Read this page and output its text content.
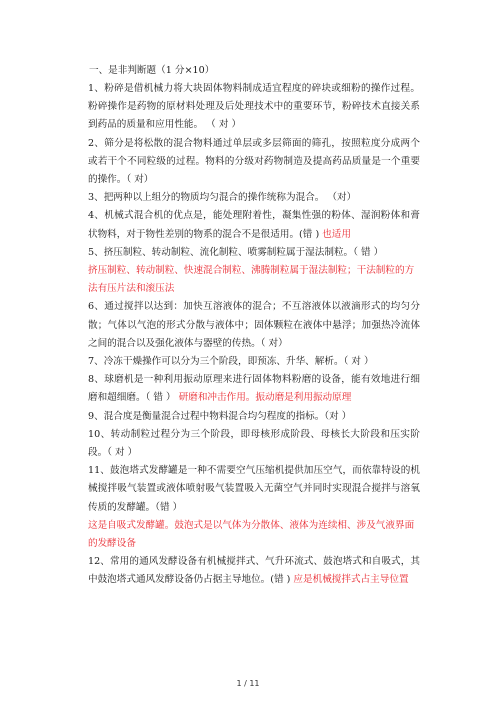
一、是非判断题（1 分×10）
1、粉碎是借机械力将大块固体物料制成适宜程度的碎块或细粉的操作过程。粉碎操作是药物的原材料处理及后处理技术中的重要环节，粉碎技术直接关系到药品的质量和应用性能。 （ 对 ）
2、筛分是将松散的混合物料通过单层或多层筛面的筛孔，按照粒度分成两个或若干个不同粒级的过程。物料的分级对药物制造及提高药品质量是一个重要的操作。（ 对）
3、把两种以上组分的物质均匀混合的操作统称为混合。 （对）
4、机械式混合机的优点是，能处理附着性，凝集性强的粉体、湿润粉体和膏状物料，对于物性差别的物系的混合不是很适用。(错 ) 也适用
5、挤压制粒、转动制粒、流化制粒、喷雾制粒属于湿法制粒。（ 错 ）
挤压制粒、转动制粒、快速混合制粒、沸腾制粒属于湿法制粒；干法制粒的方法有压片法和滚压法
6、通过搅拌以达到：加快互溶液体的混合；不互溶液体以液滴形式的均匀分散；气体以气泡的形式分散与液体中；固体颗粒在液体中悬浮；加强热冷流体之间的混合以及强化液体与器壁的传热。（ 对）
7、冷冻干燥操作可以分为三个阶段，即预冻、升华、解析。（ 对 ）
8、球磨机是一种利用振动原理来进行固体物料粉磨的设备，能有效地进行细磨和超细磨。（ 错 ） 研磨和冲击作用。振动磨是利用振动原理
9、混合度是衡量混合过程中物料混合均匀程度的指标。（对 ）
10、转动制粒过程分为三个阶段，即母核形成阶段、母核长大阶段和压实阶段。（ 对 ）
11、鼓泡塔式发酵罐是一种不需要空气压缩机提供加压空气，而依靠特设的机械搅拌吸气装置或液体喷射吸气装置吸入无菌空气并同时实现混合搅拌与溶氧传质的发酵罐。（错 ）
这是自吸式发酵罐。鼓泡式是以气体为分散体、液体为连续相、涉及气液界面的发酵设备
12、常用的通风发酵设备有机械搅拌式、气升环流式、鼓泡塔式和自吸式，其中鼓泡塔式通风发酵设备仍占据主导地位。(错 ) 应是机械搅拌式占主导位置
1 / 11
